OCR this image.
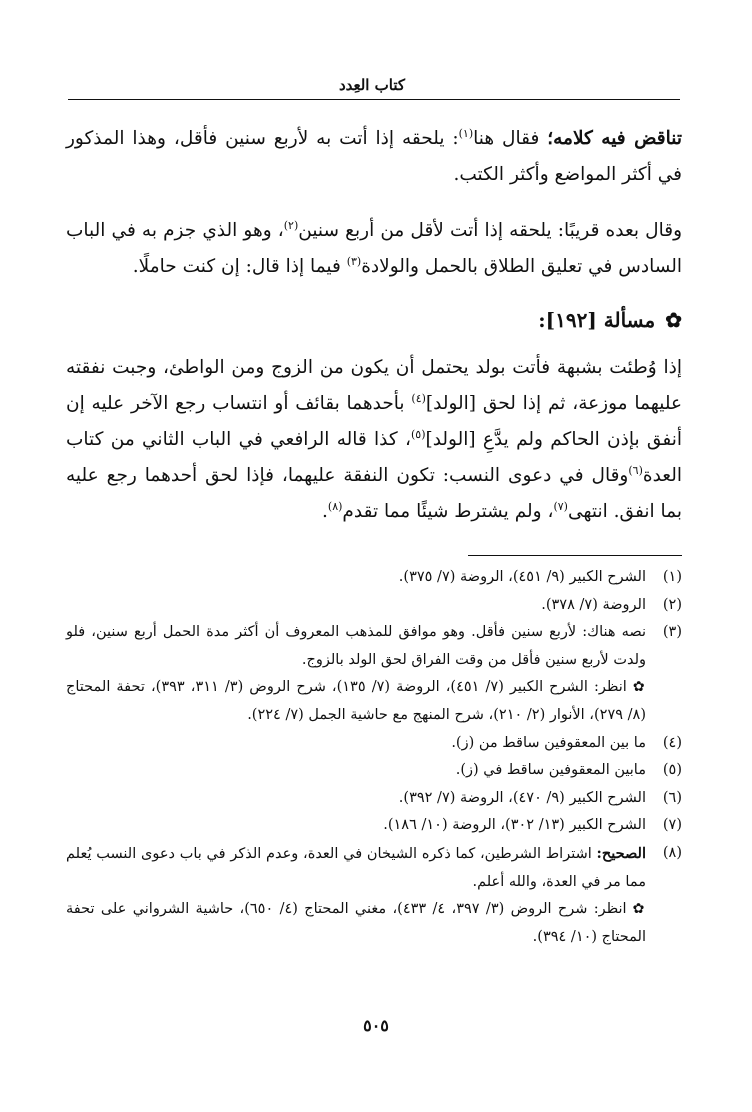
كتاب العِدد
تناقض فيه كلامه؛ فقال هنا$^{(١)}$: يلحقه إذا أتت به لأربع سنين فأقل، وهذا المذكور في أكثر المواضع وأكثر الكتب.
وقال بعده قريبًا: يلحقه إذا أتت لأقل من أربع سنين$^{(٢)}$، وهو الذي جزم به في الباب السادس في تعليق الطلاق بالحمل والولادة$^{(٣)}$ فيما إذا قال: إن كنت حاملًا.
✿مسألة [١٩٢]:
إذا وُطئت بشبهة فأتت بولد يحتمل أن يكون من الزوج ومن الواطئ، وجبت نفقته عليهما موزعة، ثم إذا لحق [الولد]$^{(٤)}$ بأحدهما بقائف أو انتساب رجع الآخر عليه إن أنفق بإذن الحاكم ولم يدَّعِ [الولد]$^{(٥)}$، كذا قاله الرافعي في الباب الثاني من كتاب العدة$^{(٦)}$وقال في دعوى النسب: تكون النفقة عليهما، فإذا لحق أحدهما رجع عليه بما انفق. انتهى$^{(٧)}$، ولم يشترط شيئًا مما تقدم$^{(٨)}$.
(١)
الشرح الكبير (٩/ ٤٥١)، الروضة (٧/ ٣٧٥).
(٢)
الروضة (٧/ ٣٧٨).
(٣)
نصه هناك: لأربع سنين فأقل. وهو موافق للمذهب المعروف أن أكثر مدة الحمل أربع سنين، فلو ولدت لأربع سنين فأقل من وقت الفراق لحق الولد بالزوج.
✿انظر: الشرح الكبير (٧/ ٤٥١)، الروضة (٧/ ١٣٥)، شرح الروض (٣/ ٣١١، ٣٩٣)، تحفة المحتاج (٨/ ٢٧٩)، الأنوار (٢/ ٢١٠)، شرح المنهج مع حاشية الجمل (٧/ ٢٢٤).
(٤)
ما بين المعقوفين ساقط من (ز).
(٥)
مابين المعقوفين ساقط في (ز).
(٦)
الشرح الكبير (٩/ ٤٧٠)، الروضة (٧/ ٣٩٢).
(٧)
الشرح الكبير (١٣/ ٣٠٢)، الروضة (١٠/ ١٨٦).
(٨)
الصحيح: اشتراط الشرطين، كما ذكره الشيخان في العدة، وعدم الذكر في باب دعوى النسب يُعلم مما مر في العدة، والله أعلم.
✿انظر: شرح الروض (٣/ ٣٩٧، ٤/ ٤٣٣)، مغني المحتاج (٤/ ٦٥٠)، حاشية الشرواني على تحفة المحتاج (١٠/ ٣٩٤).
٥٠٥
